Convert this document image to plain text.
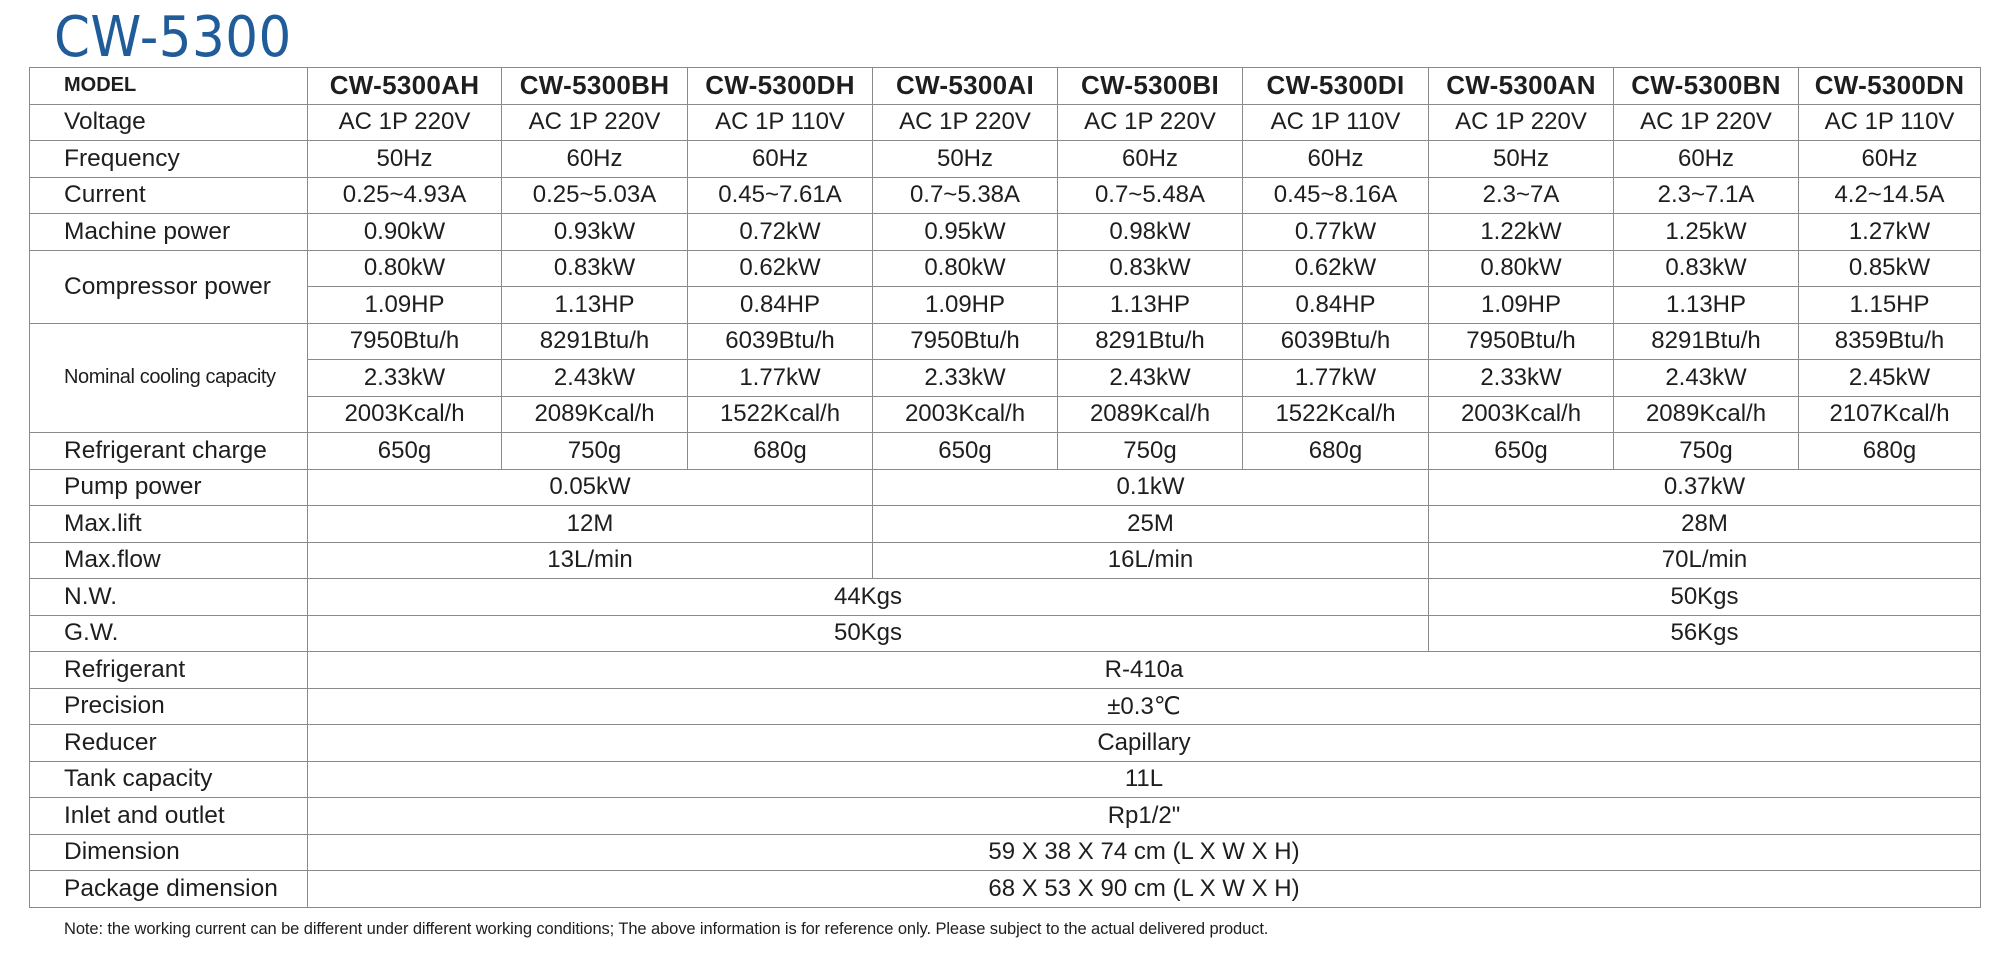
CW-5300
MODEL	CW-5300AH	CW-5300BH	CW-5300DH	CW-5300AI	CW-5300BI	CW-5300DI	CW-5300AN	CW-5300BN	CW-5300DN
Voltage	AC 1P 220V	AC 1P 220V	AC 1P 110V	AC 1P 220V	AC 1P 220V	AC 1P 110V	AC 1P 220V	AC 1P 220V	AC 1P 110V
Frequency	50Hz	60Hz	60Hz	50Hz	60Hz	60Hz	50Hz	60Hz	60Hz
Current	0.25~4.93A	0.25~5.03A	0.45~7.61A	0.7~5.38A	0.7~5.48A	0.45~8.16A	2.3~7A	2.3~7.1A	4.2~14.5A
Machine power	0.90kW	0.93kW	0.72kW	0.95kW	0.98kW	0.77kW	1.22kW	1.25kW	1.27kW
Compressor power	0.80kW	0.83kW	0.62kW	0.80kW	0.83kW	0.62kW	0.80kW	0.83kW	0.85kW
	1.09HP	1.13HP	0.84HP	1.09HP	1.13HP	0.84HP	1.09HP	1.13HP	1.15HP
Nominal cooling capacity	7950Btu/h	8291Btu/h	6039Btu/h	7950Btu/h	8291Btu/h	6039Btu/h	7950Btu/h	8291Btu/h	8359Btu/h
	2.33kW	2.43kW	1.77kW	2.33kW	2.43kW	1.77kW	2.33kW	2.43kW	2.45kW
	2003Kcal/h	2089Kcal/h	1522Kcal/h	2003Kcal/h	2089Kcal/h	1522Kcal/h	2003Kcal/h	2089Kcal/h	2107Kcal/h
Refrigerant charge	650g	750g	680g	650g	750g	680g	650g	750g	680g
Pump power	0.05kW			0.1kW			0.37kW		
Max.lift	12M			25M			28M		
Max.flow	13L/min			16L/min			70L/min		
N.W.	44Kgs						50Kgs		
G.W.	50Kgs						56Kgs		
Refrigerant	R-410a								
Precision	±0.3℃								
Reducer	Capillary								
Tank capacity	11L								
Inlet and outlet	Rp1/2"								
Dimension	59 X 38 X 74 cm (L X W X H)								
Package dimension	68 X 53 X 90 cm (L X W X H)								

Note: the working current can be different under different working conditions; The above information is for reference only. Please subject to the actual delivered product.
